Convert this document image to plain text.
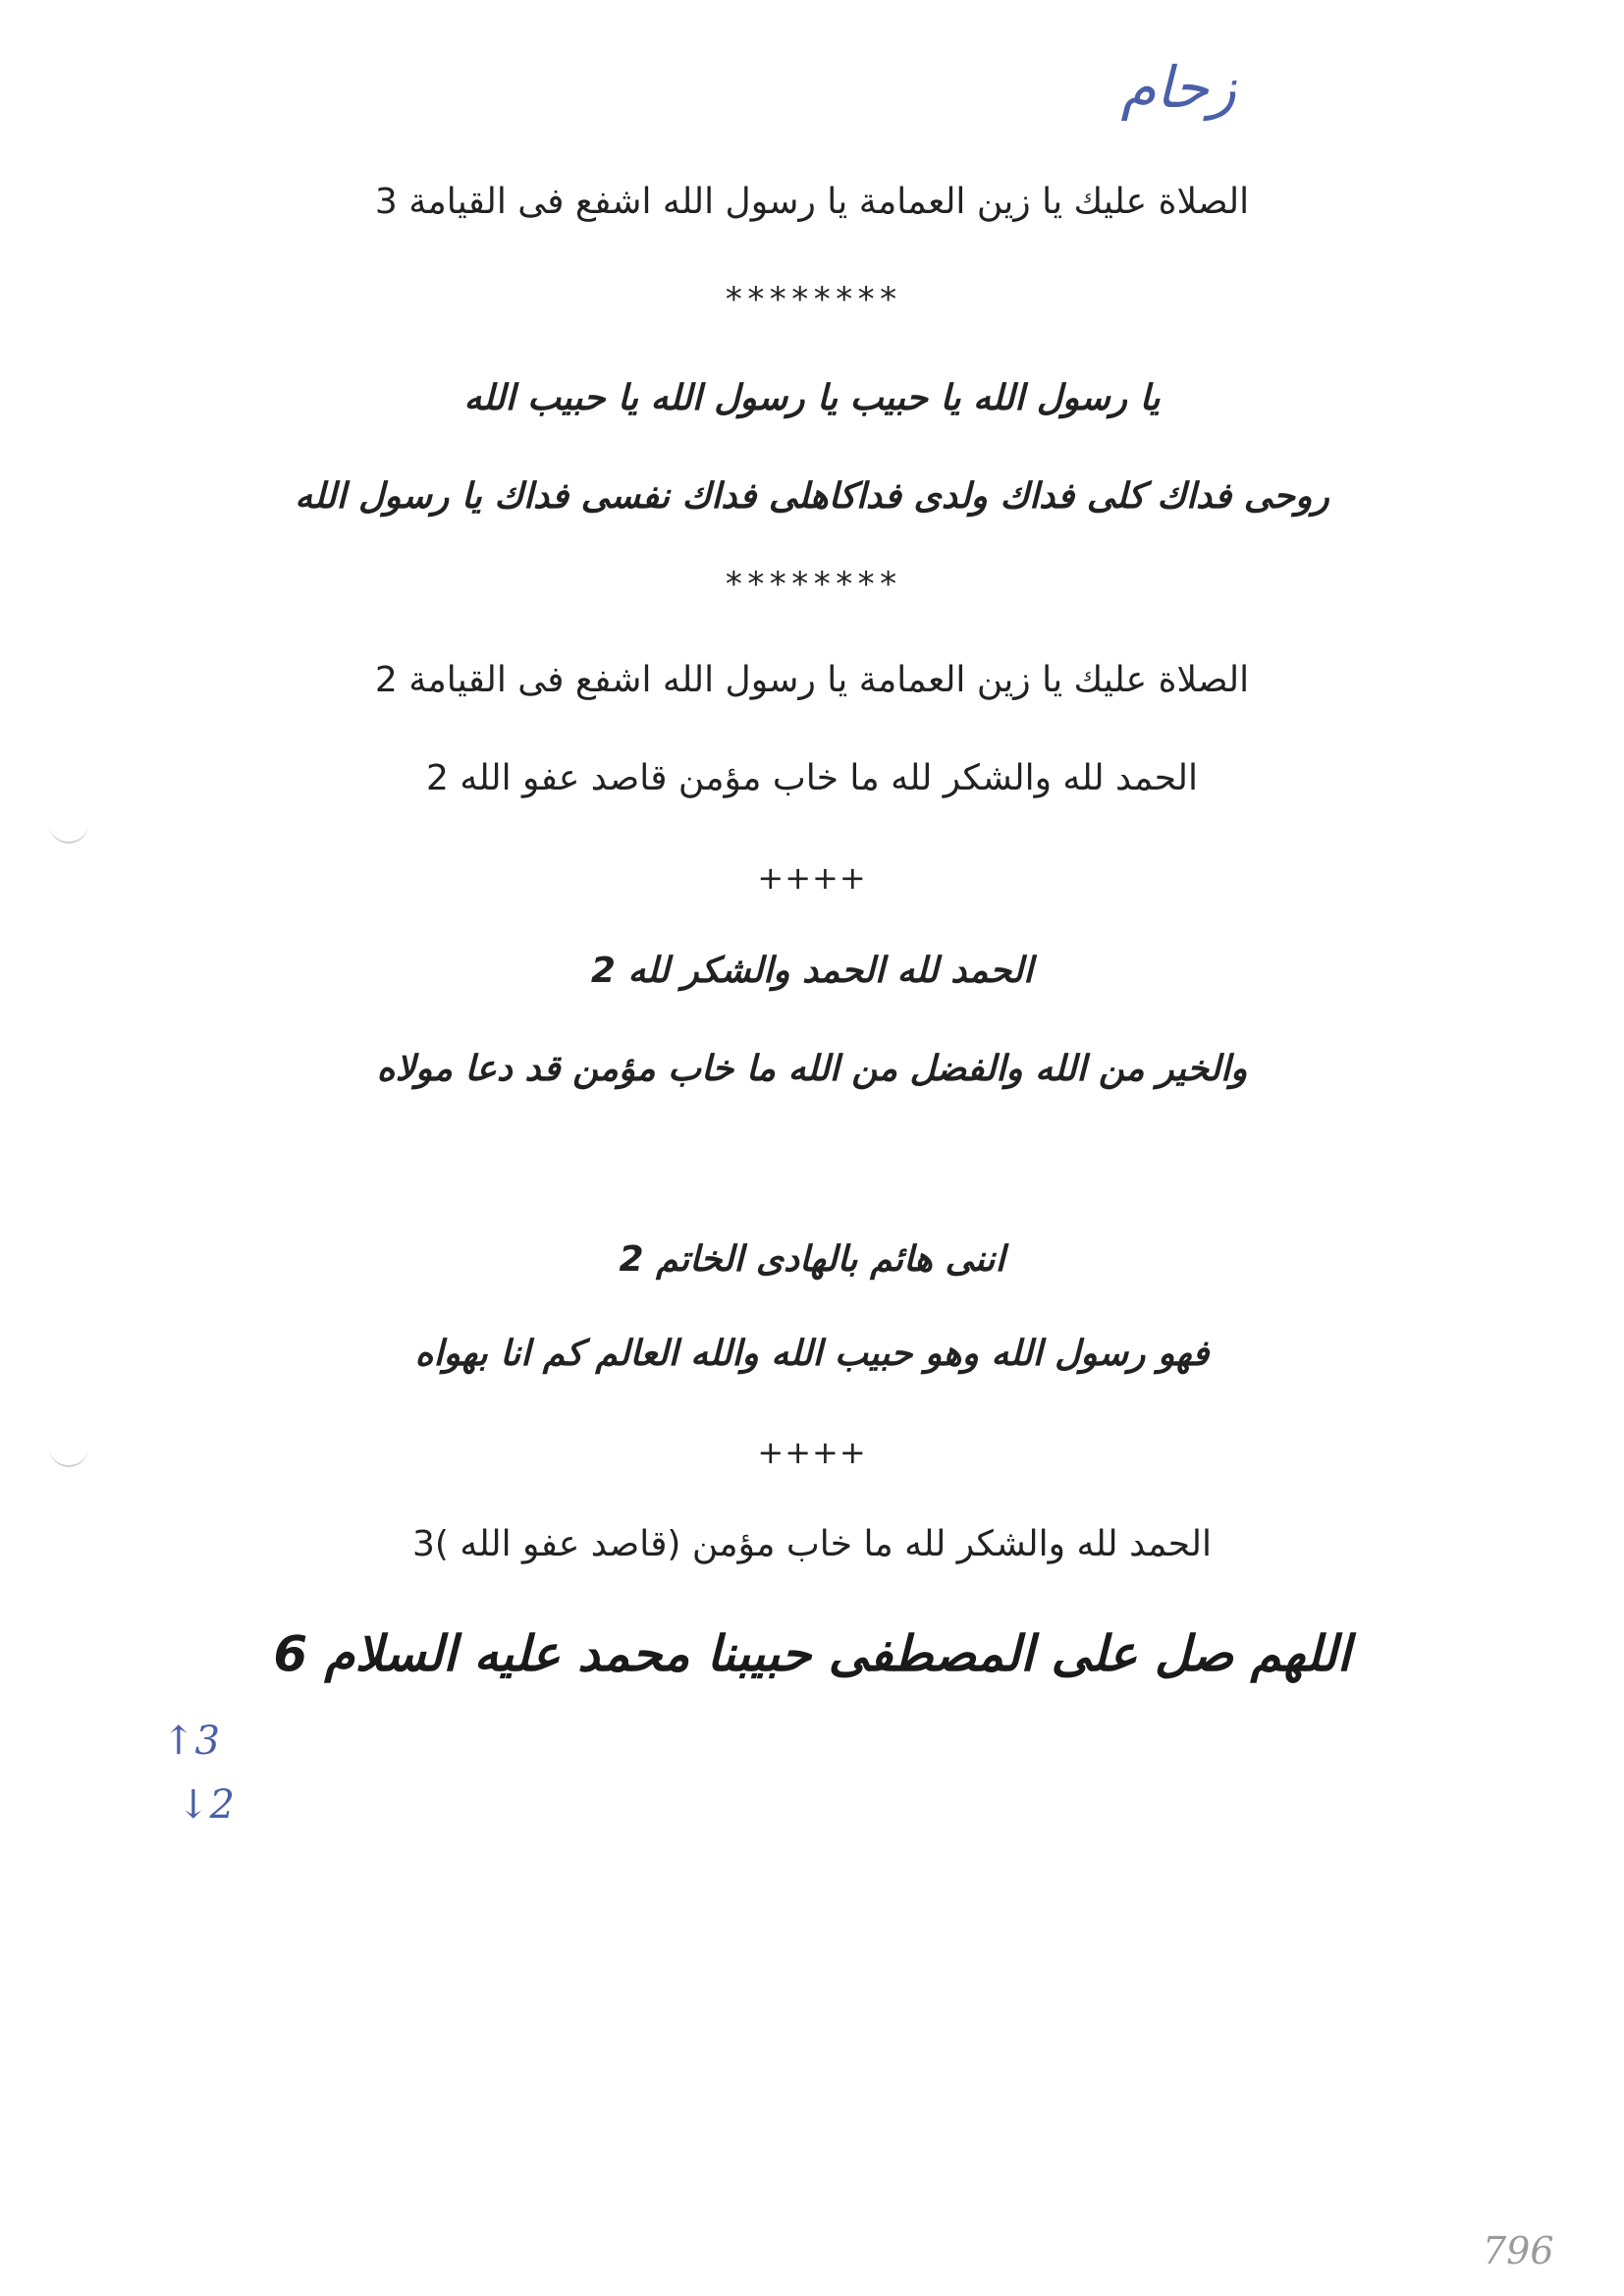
زحام
الصلاة عليك يا زين العمامة يا رسول الله اشفع فى القيامة 3
********
يا رسول الله يا حبيب يا رسول الله يا حبيب الله
روحى فداك كلى فداك ولدى فداكاهلى فداك نفسى فداك يا رسول الله
********
الصلاة عليك يا زين العمامة يا رسول الله اشفع فى القيامة 2
الحمد لله والشكر لله ما خاب مؤمن قاصد عفو الله 2
++++
الحمد لله الحمد والشكر لله 2
والخير من الله والفضل من الله ما خاب مؤمن قد دعا مولاه
اننى هائم بالهادى الخاتم 2
فهو رسول الله وهو حبيب الله والله العالم كم انا بهواه
++++
الحمد لله والشكر لله ما خاب مؤمن (قاصد عفو الله )3
اللهم صل على المصطفى حبيبنا محمد عليه السلام 6
↑3
↓2
796
